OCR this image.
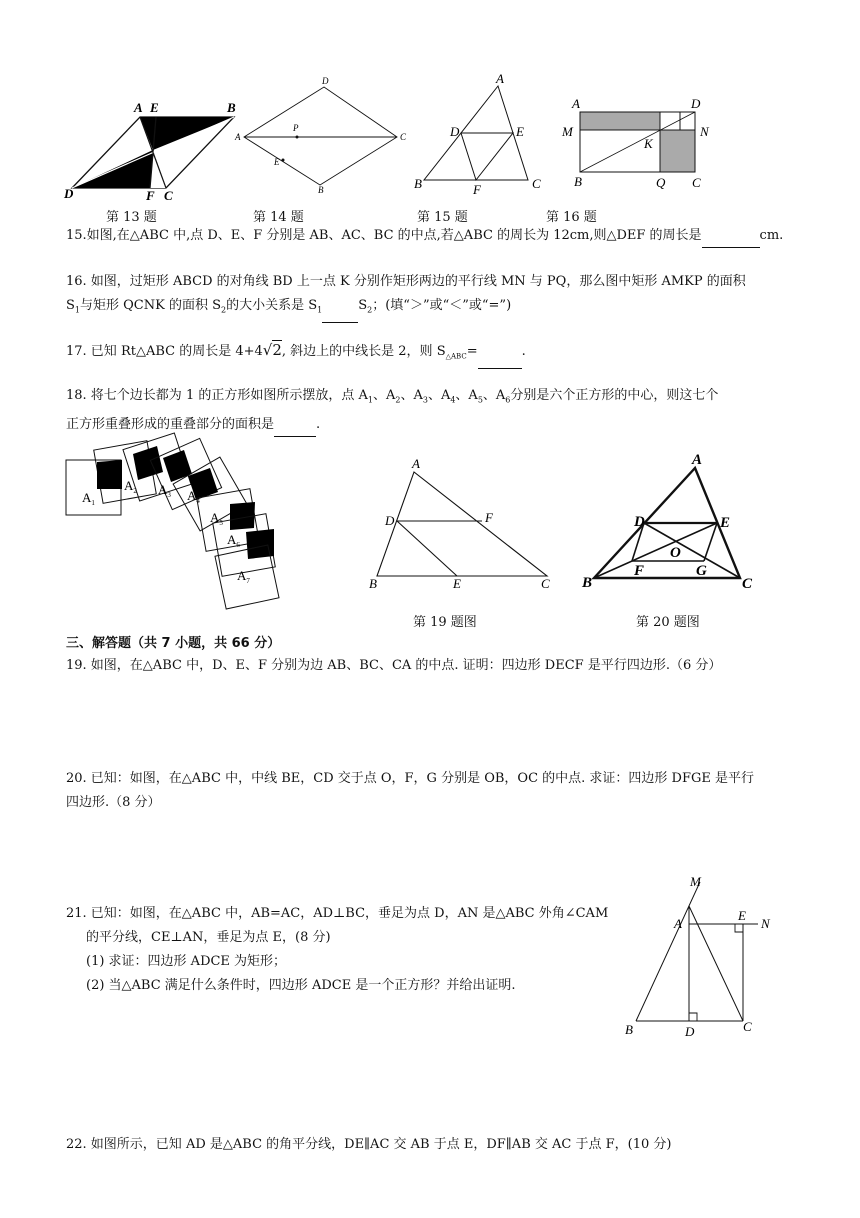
A E	B
O
D	F C
D
A
P
C
E
B
A
D	E
B	F	C
A	D
M	N
K
B	Q C
第 13 题	第 14 题	第 15 题	第 16 题
15.如图,在△ABC 中,点 D、E、F 分别是 AB、AC、BC 的中点,若△ABC 的周长为 12cm,则△DEF 的周长是	cm.
16. 如图，过矩形 ABCD 的对角线 BD 上一点 K 分别作矩形两边的平行线 MN 与 PQ，那么图中矩形 AMKP 的面积
$S_1$与矩形 QCNK 的面积 $S_2$的大小关系是 $S_1$	$S_2$；(填“＞”或“＜”或“=”)
17. 已知 Rt△ABC 的周长是 4+4√2, 斜边上的中线长是 2，则 $S_{\triangle ABC}=$	.
18. 将七个边长都为 1 的正方形如图所示摆放，点 $A_1$、$A_2$、$A_3$、$A_4$、$A_5$、$A_6$分别是六个正方形的中心，则这七个
正方形重叠形成的重叠部分的面积是	.
$A_1$
$A_2$ $A_3$ $A_4$
$A_5$
$A_6$
$A_7$
A
D	F
B	E	C
A
D	E
O
B
F	G
C
第 19 题图	第 20 题图
三、解答题（共 7 小题，共 66 分）
19. 如图，在△ABC 中，D、E、F 分别为边 AB、BC、CA 的中点. 证明：四边形 DECF 是平行四边形.（6 分）
20. 已知：如图，在△ABC 中，中线 BE，CD 交于点 O，F，G 分别是 OB，OC 的中点. 求证：四边形 DFGE 是平行
四边形.（8 分）
21. 已知：如图，在△ABC 中，AB=AC，AD⊥BC，垂足为点 D，AN 是△ABC 外角∠CAM
的平分线，CE⊥AN，垂足为点 E，(8 分)
(1) 求证：四边形 ADCE 为矩形；
(2) 当△ABC 满足什么条件时，四边形 ADCE 是一个正方形？并给出证明.
M
A
E
N
B	D	C
22. 如图所示，已知 AD 是△ABC 的角平分线，DE∥AC 交 AB 于点 E，DF∥AB 交 AC 于点 F，(10 分)
